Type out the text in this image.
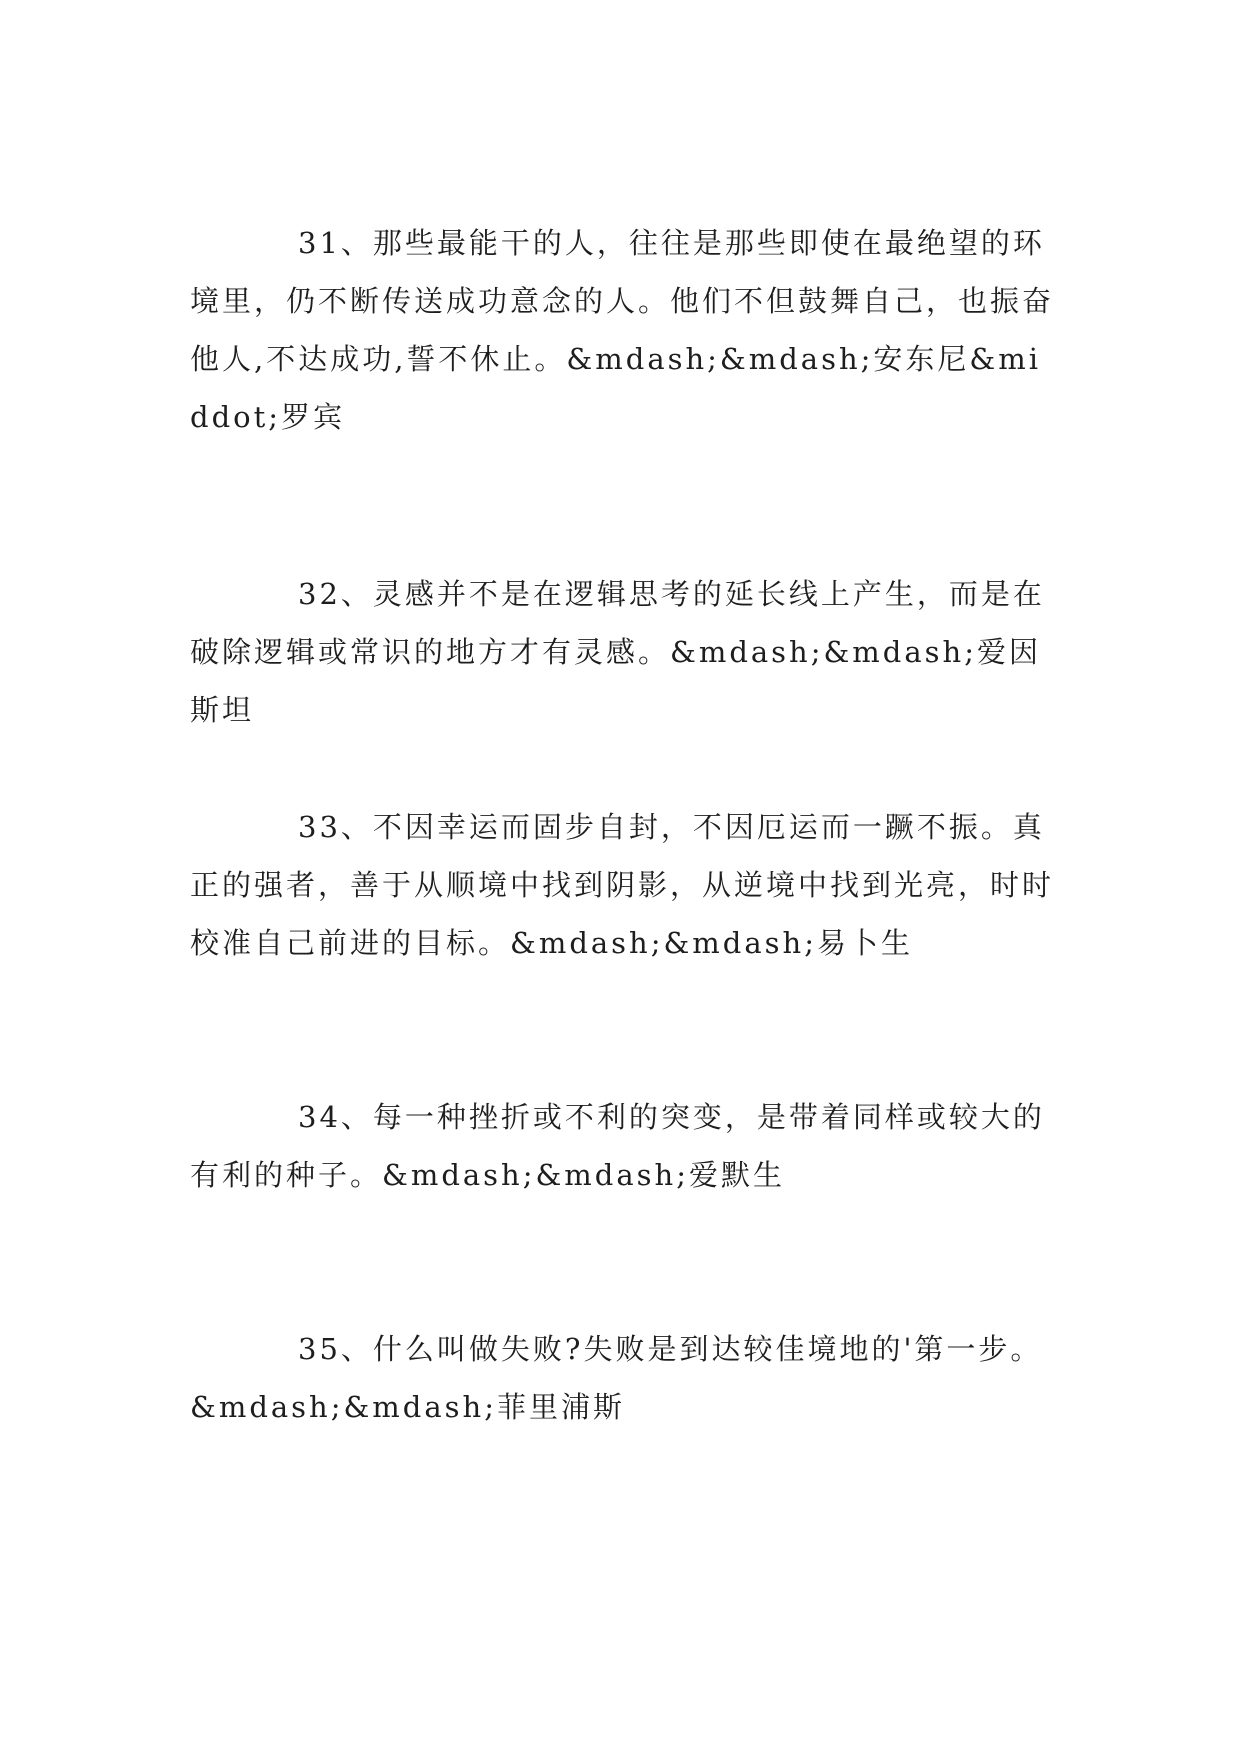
31、那些最能干的人，往往是那些即使在最绝望的环境里，仍不断传送成功意念的人。他们不但鼓舞自己，也振奋他人,不达成功,誓不休止。&mdash;&mdash;安东尼&middot;罗宾

32、灵感并不是在逻辑思考的延长线上产生，而是在破除逻辑或常识的地方才有灵感。&mdash;&mdash;爱因斯坦

33、不因幸运而固步自封，不因厄运而一蹶不振。真正的强者，善于从顺境中找到阴影，从逆境中找到光亮，时时校准自己前进的目标。&mdash;&mdash;易卜生

34、每一种挫折或不利的突变，是带着同样或较大的有利的种子。&mdash;&mdash;爱默生

35、什么叫做失败?失败是到达较佳境地的'第一步。&mdash;&mdash;菲里浦斯
